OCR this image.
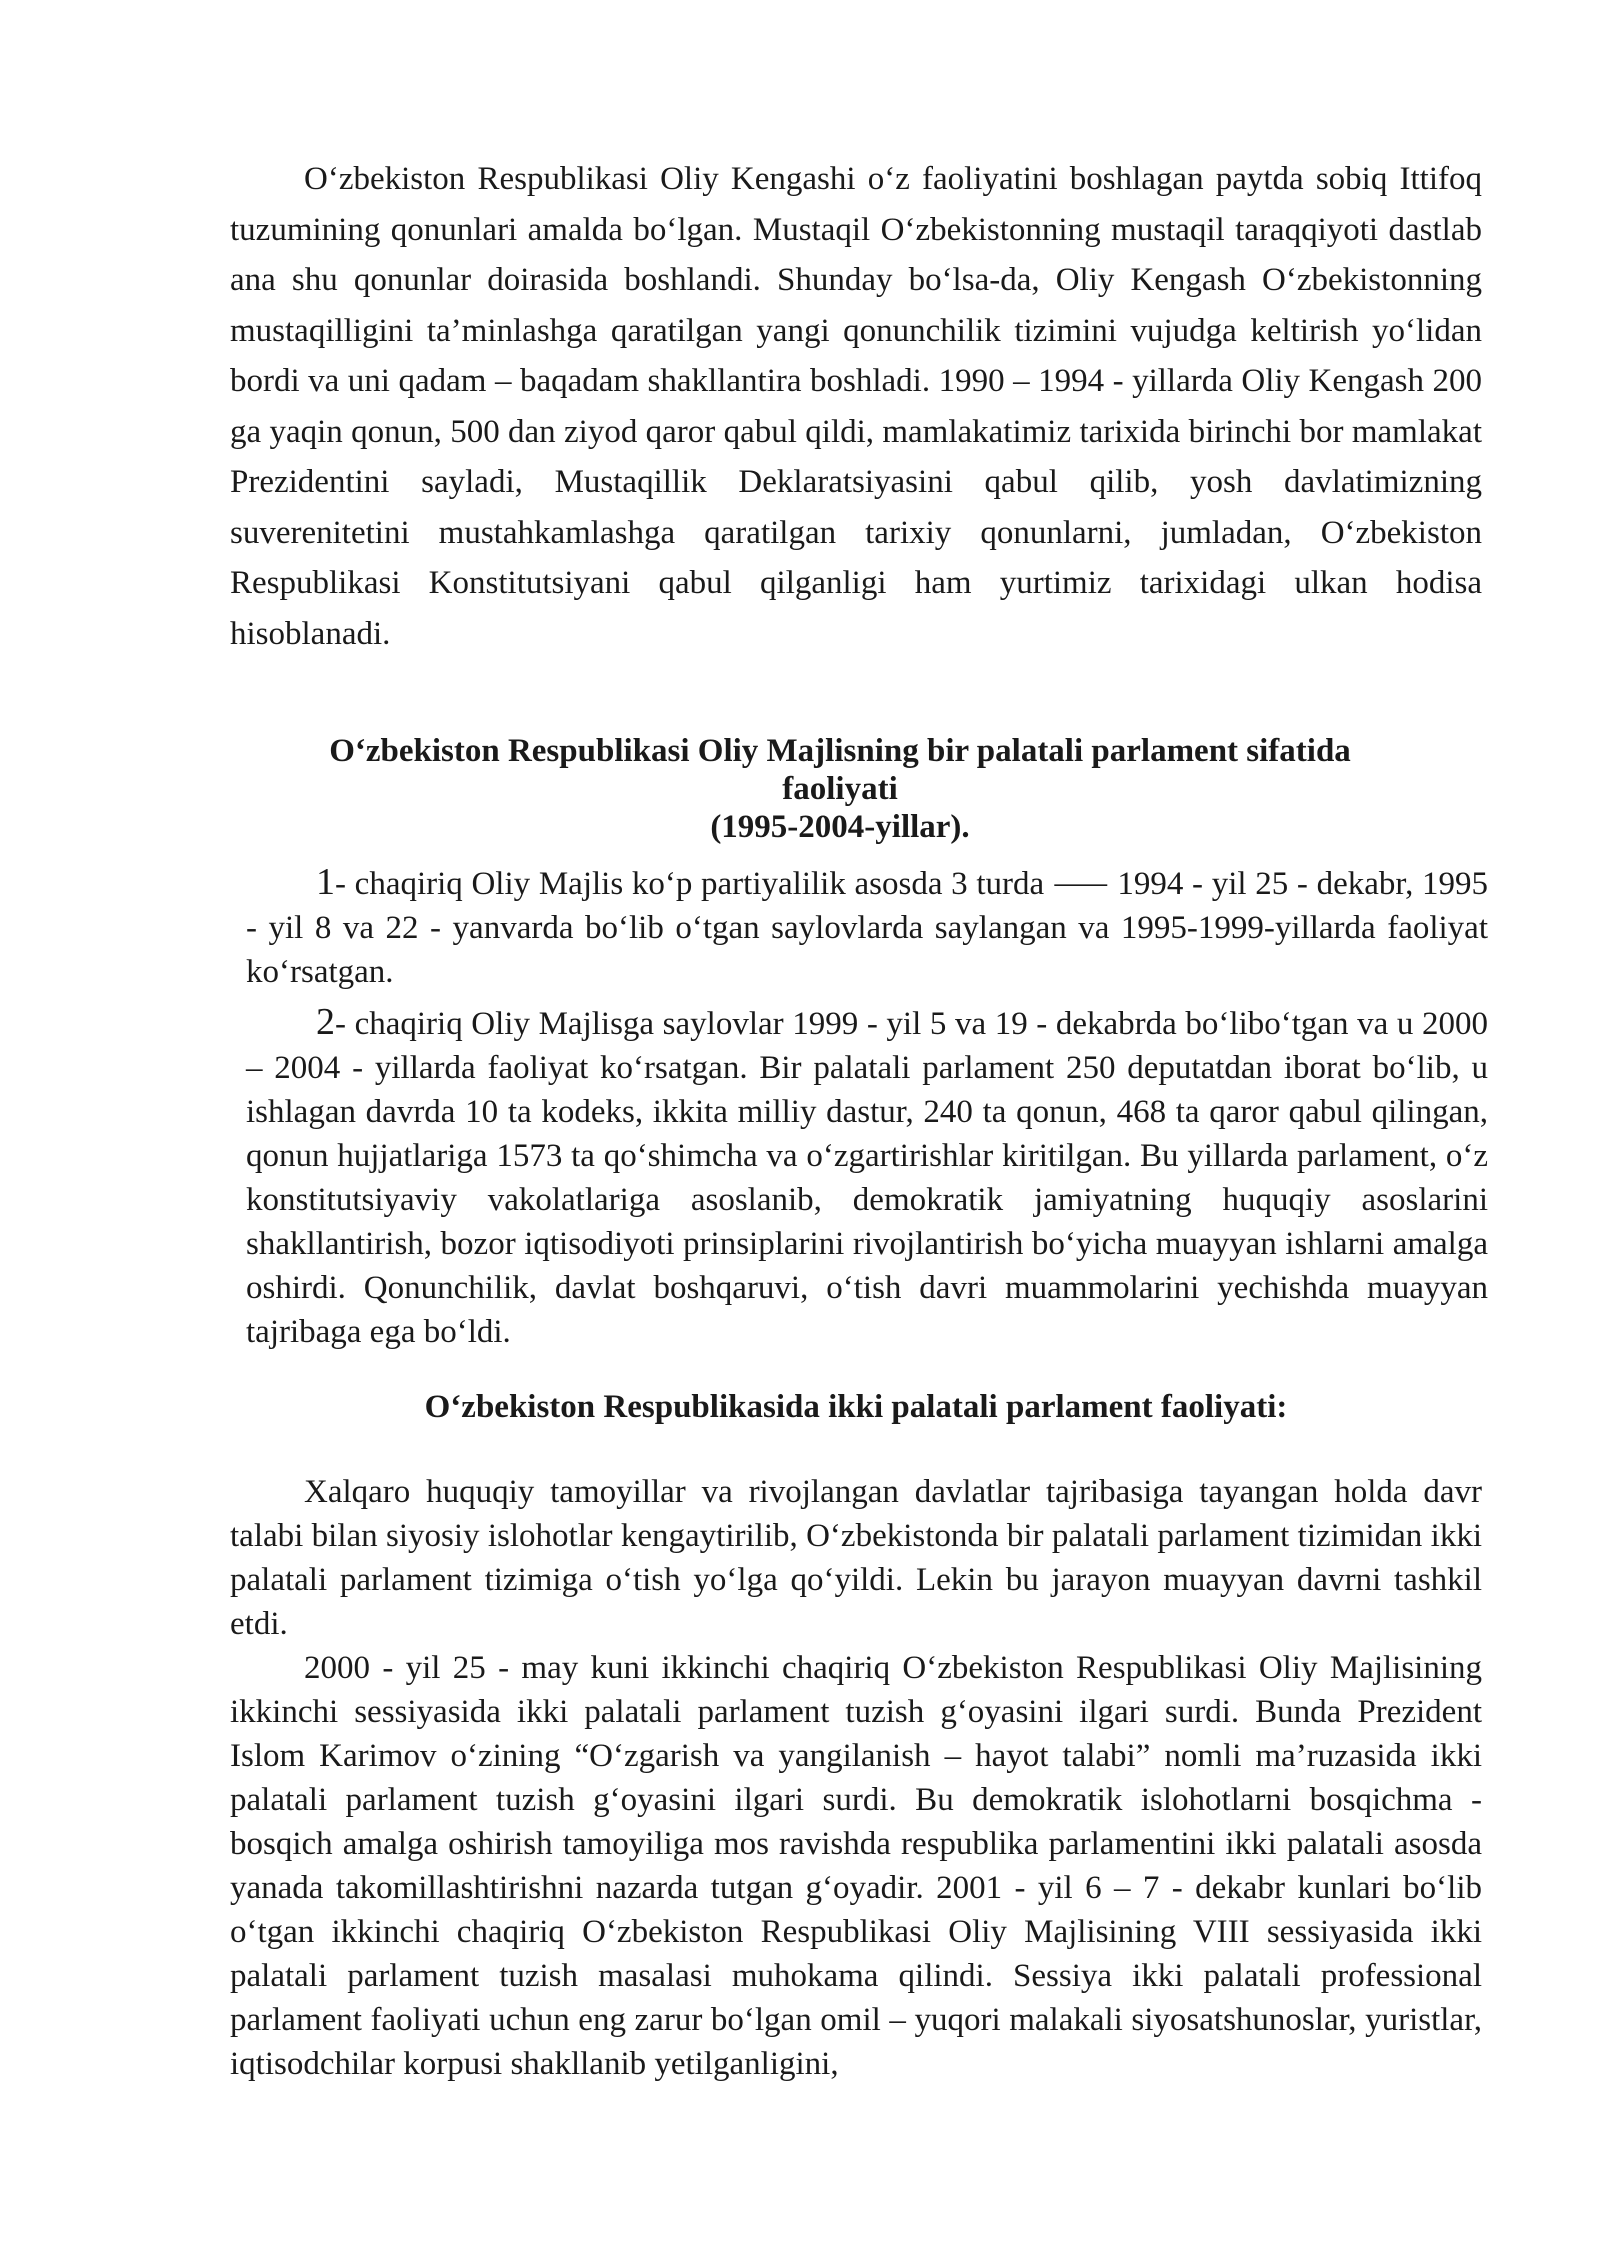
O‘zbekiston Respublikasi Oliy Kengashi o‘z faoliyatini boshlagan paytda sobiq Ittifoq tuzumining qonunlari amalda bo‘lgan. Mustaqil O‘zbekistonning mustaqil taraqqiyoti dastlab ana shu qonunlar doirasida boshlandi. Shunday bo‘lsa-da, Oliy Kengash O‘zbekistonning mustaqilligini ta’minlashga qaratilgan yangi qonunchilik tizimini vujudga keltirish yo‘lidan bordi va uni qadam – baqadam shakllantira boshladi. 1990 – 1994 - yillarda Oliy Kengash 200 ga yaqin qonun, 500 dan ziyod qaror qabul qildi, mamlakatimiz tarixida birinchi bor mamlakat Prezidentini sayladi, Mustaqillik Deklaratsiyasini qabul qilib, yosh davlatimizning suverenitetini mustahkamlashga qaratilgan tarixiy qonunlarni, jumladan, O‘zbekiston Respublikasi Konstitutsiyani qabul qilganligi ham yurtimiz tarixidagi ulkan hodisa hisoblanadi.

O‘zbekiston Respublikasi Oliy Majlisning bir palatali parlament sifatida
faoliyati
(1995-2004-yillar).

1- chaqiriq Oliy Majlis ko‘p partiyalilik asosda 3 turda ⸺ 1994 - yil 25 - dekabr, 1995 - yil 8 va 22 - yanvarda bo‘lib o‘tgan saylovlarda saylangan va 1995-1999-yillarda faoliyat ko‘rsatgan.

2- chaqiriq Oliy Majlisga saylovlar 1999 - yil 5 va 19 - dekabrda bo‘libo‘tgan va u 2000 – 2004 - yillarda faoliyat ko‘rsatgan. Bir palatali parlament 250 deputatdan iborat bo‘lib, u ishlagan davrda 10 ta kodeks, ikkita milliy dastur, 240 ta qonun, 468 ta qaror qabul qilingan, qonun hujjatlariga 1573 ta qo‘shimcha va o‘zgartirishlar kiritilgan. Bu yillarda parlament, o‘z konstitutsiyaviy vakolatlariga asoslanib, demokratik jamiyatning huquqiy asoslarini shakllantirish, bozor iqtisodiyoti prinsiplarini rivojlantirish bo‘yicha muayyan ishlarni amalga oshirdi. Qonunchilik, davlat boshqaruvi, o‘tish davri muammolarini yechishda muayyan tajribaga ega bo‘ldi.

O‘zbekiston Respublikasida ikki palatali parlament faoliyati:

Xalqaro huquqiy tamoyillar va rivojlangan davlatlar tajribasiga tayangan holda davr talabi bilan siyosiy islohotlar kengaytirilib, O‘zbekistonda bir palatali parlament tizimidan ikki palatali parlament tizimiga o‘tish yo‘lga qo‘yildi. Lekin bu jarayon muayyan davrni tashkil etdi.

2000 - yil 25 - may kuni ikkinchi chaqiriq O‘zbekiston Respublikasi Oliy Majlisining ikkinchi sessiyasida ikki palatali parlament tuzish g‘oyasini ilgari surdi. Bunda Prezident Islom Karimov o‘zining “O‘zgarish va yangilanish – hayot talabi” nomli ma’ruzasida ikki palatali parlament tuzish g‘oyasini ilgari surdi. Bu demokratik islohotlarni bosqichma - bosqich amalga oshirish tamoyiliga mos ravishda respublika parlamentini ikki palatali asosda yanada takomillashtirishni nazarda tutgan g‘oyadir. 2001 - yil 6 – 7 - dekabr kunlari bo‘lib o‘tgan ikkinchi chaqiriq O‘zbekiston Respublikasi Oliy Majlisining VIII sessiyasida ikki palatali parlament tuzish masalasi muhokama qilindi. Sessiya ikki palatali professional parlament faoliyati uchun eng zarur bo‘lgan omil – yuqori malakali siyosatshunoslar, yuristlar, iqtisodchilar korpusi shakllanib yetilganligini,
